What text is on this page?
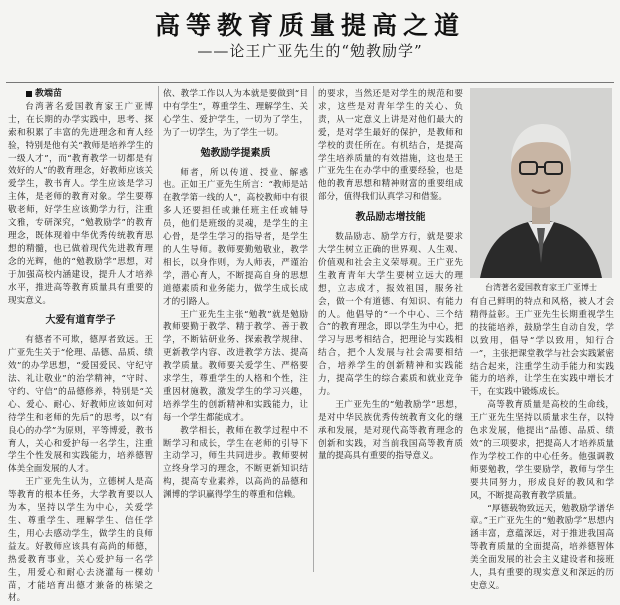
高等教育质量提高之道
——论王广亚先生的“勉教励学”

教端苗

台湾著名爱国教育家王广亚博士，在长期的办学实践中，思考、探索和积累了丰富的先进理念和育人经验，特别是他有关“教师是培养学生的一级人才”，而“教育教学一切都是有效好的人”的教育理念，好教师应该关爱学生，教书育人。学生应该是学习主体，是老师的教育对象。学生要尊敬老师，好学生应该勤学力行，注重文雅，专研深究，“勉教励学”的教育理念，既体现着中华优秀传统教育思想的精髓，也已做着现代先进教育理念的光辉，他的“勉教励学”思想，对于加强高校内涵建设，提升人才培养水平，推进高等教育质量具有重要的现实意义。

大爱有道育学子

有德者不可欺，德厚者致远。王广亚先生关于“伦理、品德、品质、绩效”的办学思想，“爱国爱民、守纪守法、礼让敬业”的治学精神，“守时、守约、守信”的品德修养，特别是“关心、爱心、耐心、好教师应该如何对待学生和老师的先后”的思考，以“有良心的办学”为原则，平等博爱，教书育人，关心和爱护每一名学生，注重学生个性发展和实践能力，培养德智体美全面发展的人才。

王广亚先生认为，立德树人是高等教育的根本任务，大学教育要以人为本，坚持以学生为中心，关爱学生、尊重学生、理解学生、信任学生，用心去感动学生，做学生的良师益友。好教师应该具有高尚的师德，热爱教育事业，关心爱护每一名学生，用爱心和耐心去浇灌每一棵幼苗，才能培育出德才兼备的栋梁之材。

依、教学工作以人为本就是要做到“目中有学生”，尊重学生、理解学生、关心学生、爱护学生，一切为了学生，为了一切学生，为了学生一切。

勉教励学提素质

师者，所以传道、授业、解惑也。正如王广亚先生所言：“教师是站在教学第一线的人”，高校教师中有很多人还要担任或兼任班主任或辅导员，他们是班级的灵魂，是学生的主心骨，是学生学习的指导者，是学生的人生导师。教师要勤勉敬业，教学相长，以身作则，为人师表，严谨治学，潜心育人，不断提高自身的思想道德素质和业务能力，做学生成长成才的引路人。

王广亚先生主张“勉教”就是勉励教师要勤于教学、精于教学、善于教学，不断钻研业务、探索教学规律、更新教学内容、改进教学方法、提高教学质量。教师要关爱学生、严格要求学生，尊重学生的人格和个性，注重因材施教，激发学生的学习兴趣，培养学生的创新精神和实践能力，让每一个学生都能成才。

教学相长，教师在教学过程中不断学习和成长，学生在老师的引导下主动学习，师生共同进步。教师要树立终身学习的理念，不断更新知识结构，提高专业素养，以高尚的品德和渊博的学识赢得学生的尊重和信赖。

的要求，当然还是对学生的规范和要求，这些是对青年学生的关心、负责，从一定意义上讲是对他们最大的爱，是对学生最好的保护，是教师和学校的责任所在。有机结合，是提高学生培养质量的有效措施，这也是王广亚先生在办学中的重要经验，也是他的教育思想和精神财富的重要组成部分，值得我们认真学习和借鉴。

教品励志增技能

数品励志、励学方行，就是要求大学生树立正确的世界观、人生观、价值观和社会主义荣辱观。王广亚先生教育青年大学生要树立远大的理想，立志成才，报效祖国，服务社会，做一个有道德、有知识、有能力的人。他倡导的“一个中心、三个结合”的教育理念，即以学生为中心，把学习与思考相结合，把理论与实践相结合，把个人发展与社会需要相结合，培养学生的创新精神和实践能力，提高学生的综合素质和就业竞争力。

王广亚先生的“勉教励学”思想，是对中华民族优秀传统教育文化的继承和发展，是对现代高等教育理念的创新和实践，对当前我国高等教育质量的提高具有重要的指导意义。

台湾著名爱国教育家王广亚博士

有自己鲜明的特点和风格，被人才会精得益彰。王广亚先生长期重视学生的技能培养，鼓励学生自动自发，学以致用，倡导“学以致用，知行合一”，主张把课堂教学与社会实践紧密结合起来，注重学生动手能力和实践能力的培养，让学生在实践中增长才干，在实践中锻炼成长。

高等教育质量是高校的生命线，王广亚先生坚持以质量求生存，以特色求发展，他提出“品德、品质、绩效”的三项要求，把提高人才培养质量作为学校工作的中心任务。他强调教师要勉教，学生要励学，教师与学生要共同努力，形成良好的教风和学风，不断提高教育教学质量。

“厚德载物致远天，勉教励学谱华章。”王广亚先生的“勉教励学”思想内涵丰富，意蕴深远，对于推进我国高等教育质量的全面提高，培养德智体美全面发展的社会主义建设者和接班人，具有重要的现实意义和深远的历史意义。
